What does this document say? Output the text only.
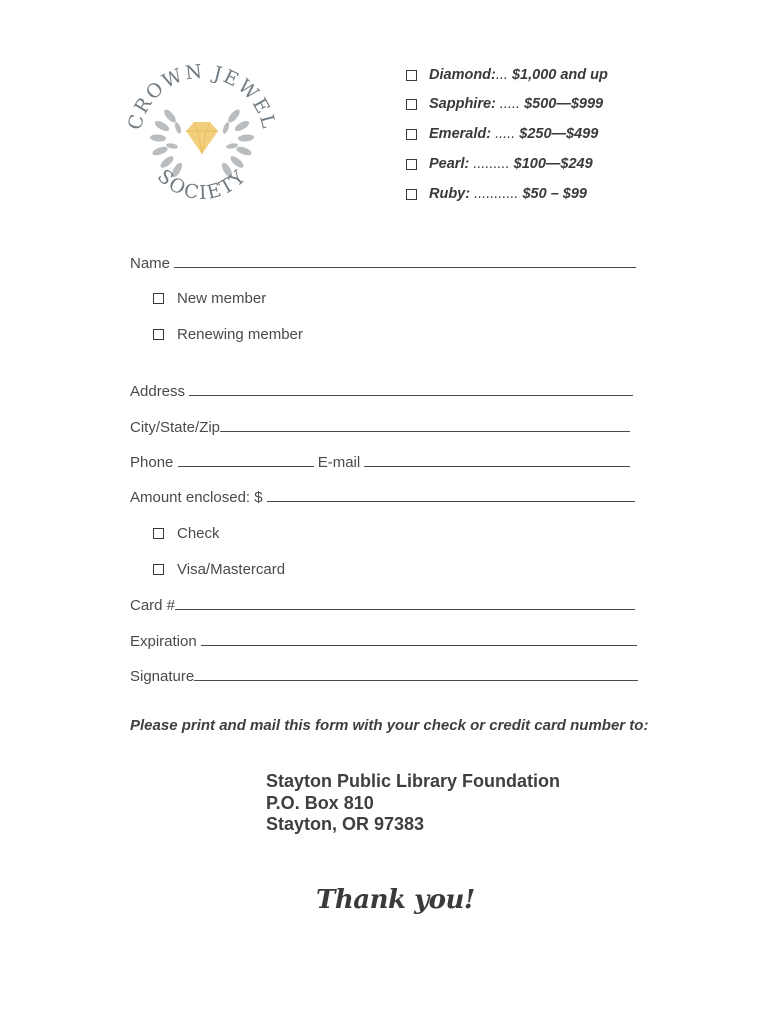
CROWN JEWEL
SOCIETY
Diamond: ...
$1,000 and up
Sapphire:
.....
$500—$999
Emerald:
.....
$250—$499
Pearl:
.........
$100—$249
Ruby:
...........
$50 – $99
Name
New member
Renewing member
Address
City/State/Zip
Phone	E-mail
Amount enclosed: $
Check
Visa/Mastercard
Card #
Expiration
Signature
Please print and mail this form with your check or credit card number to:
Stayton Public Library Foundation
P.O. Box 810
Stayton, OR 97383
Thank you!
